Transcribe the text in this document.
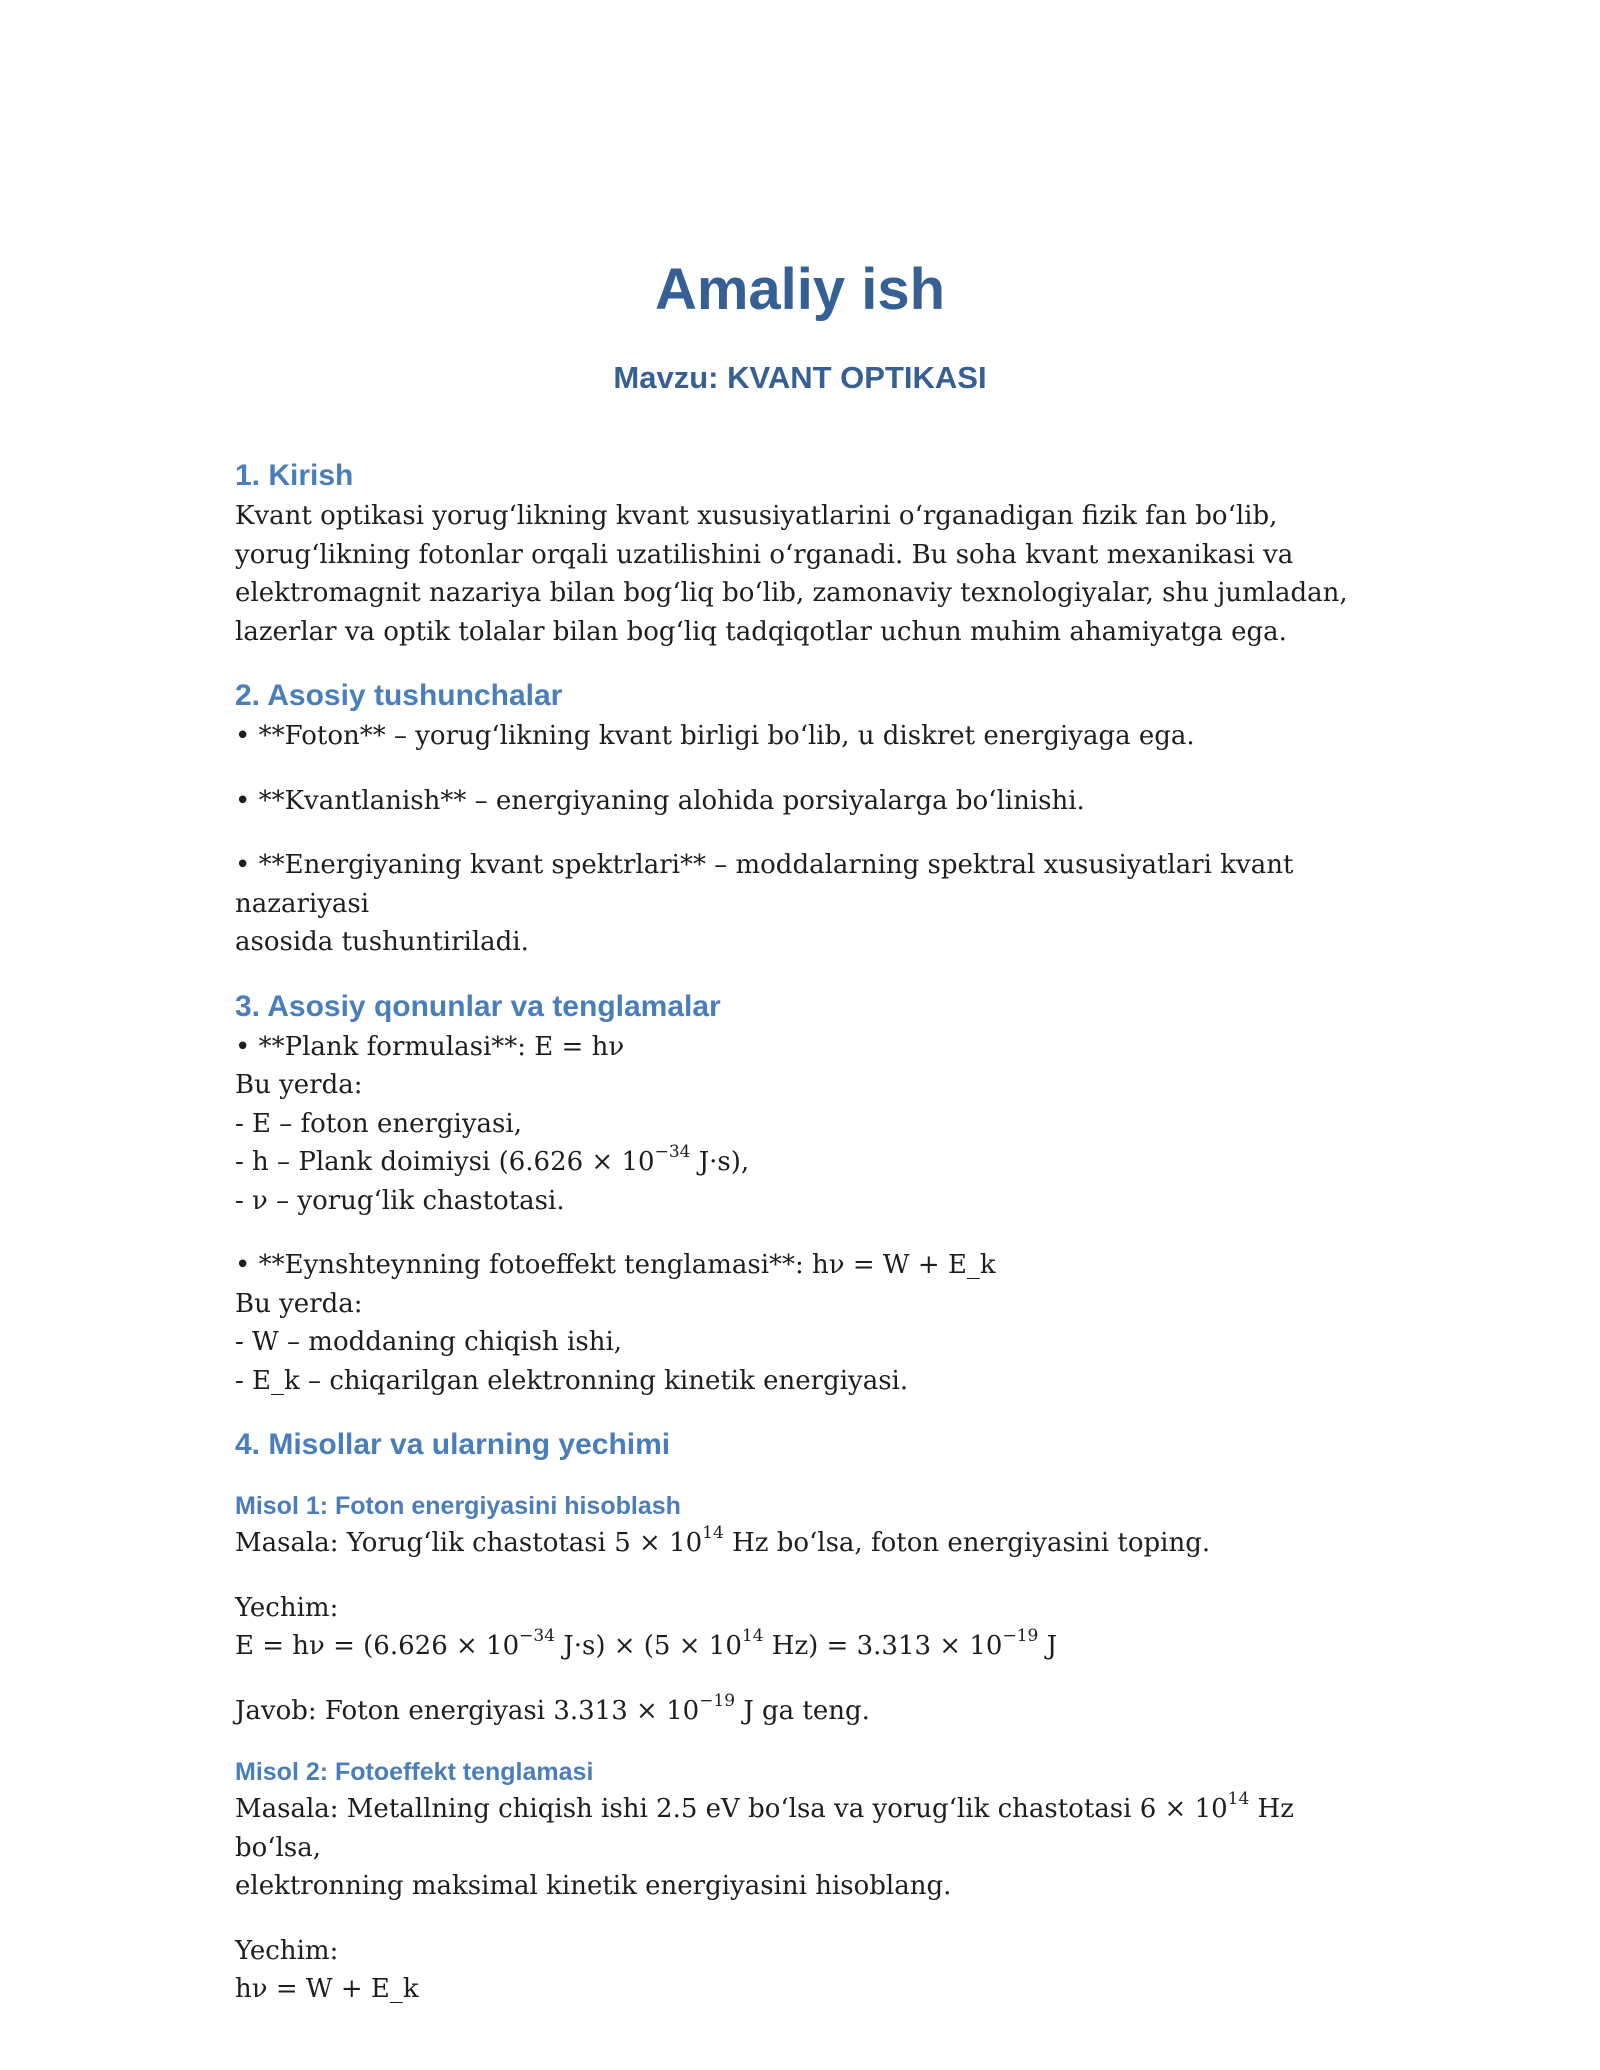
Amaliy ish
Mavzu: KVANT OPTIKASI
1. Kirish

Kvant optikasi yorug‘likning kvant xususiyatlarini o‘rganadigan fizik fan bo‘lib,

yorug‘likning fotonlar orqali uzatilishini o‘rganadi. Bu soha kvant mexanikasi va

elektromagnit nazariya bilan bog‘liq bo‘lib, zamonaviy texnologiyalar, shu jumladan,

lazerlar va optik tolalar bilan bog‘liq tadqiqotlar uchun muhim ahamiyatga ega.

2. Asosiy tushunchalar

• **Foton** – yorug‘likning kvant birligi bo‘lib, u diskret energiyaga ega.

• **Kvantlanish** – energiyaning alohida porsiyalarga bo‘linishi.

• **Energiyaning kvant spektrlari** – moddalarning spektral xususiyatlari kvant nazariyasi

asosida tushuntiriladi.

3. Asosiy qonunlar va tenglamalar

• **Plank formulasi**: E = hν

Bu yerda:

- E – foton energiyasi,

- h – Plank doimiysi ($6.626 \times 10^{-34}$ J·s),

- ν – yorug‘lik chastotasi.

• **Eynshteynning fotoeffekt tenglamasi**: hν = W + E_k

Bu yerda:

- W – moddaning chiqish ishi,

- E_k – chiqarilgan elektronning kinetik energiyasi.

4. Misollar va ularning yechimi
Misol 1: Foton energiyasini hisoblash

Masala: Yorug‘lik chastotasi $5 \times 10^{14}$ Hz bo‘lsa, foton energiyasini toping.

Yechim:

$E = h\nu = (6.626 \times 10^{-34}$ $J\cdot s) \times (5 \times 10^{14}$ $Hz) = 3.313 \times 10^{-19}$ J

Javob: Foton energiyasi $3.313 \times 10^{-19}$ J ga teng.

Misol 2: Fotoeffekt tenglamasi

Masala: Metallning chiqish ishi 2.5 eV bo‘lsa va yorug‘lik chastotasi $6 \times 10^{14}$ Hz bo‘lsa,

elektronning maksimal kinetik energiyasini hisoblang.

Yechim:

hν = W + E_k
